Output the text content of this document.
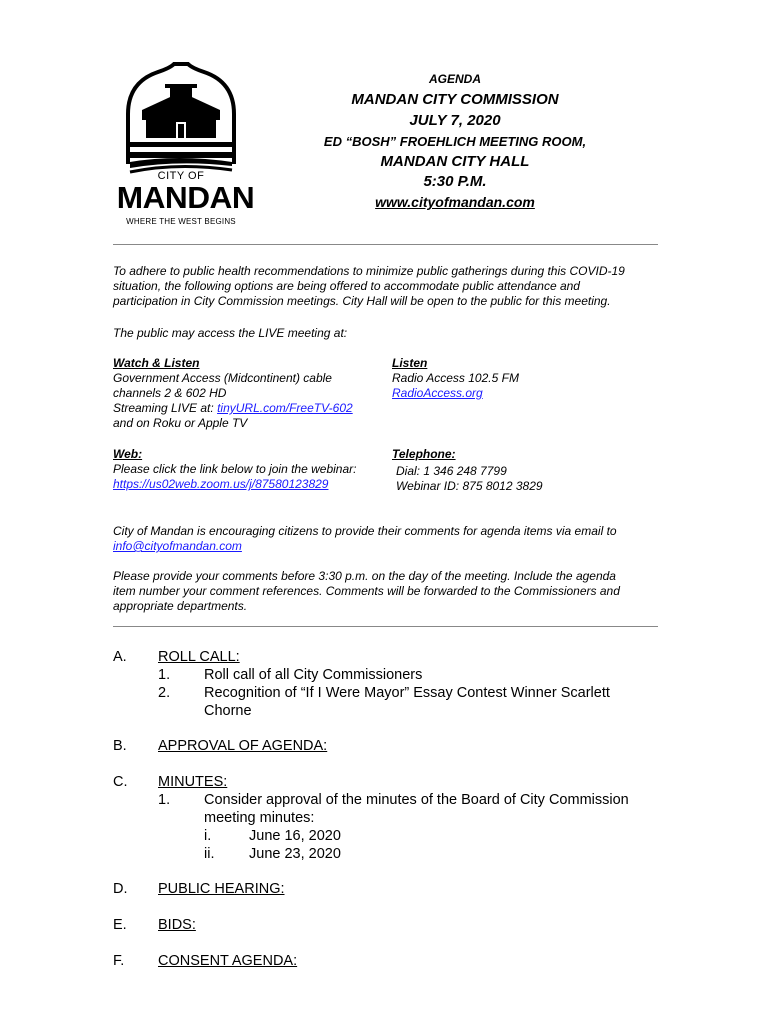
CITY OF
MANDAN
WHERE THE WEST BEGINS
AGENDA
MANDAN CITY COMMISSION
JULY 7, 2020
ED “BOSH” FROEHLICH MEETING ROOM,
MANDAN CITY HALL
5:30 P.M.
www.cityofmandan.com
To adhere to public health recommendations to minimize public gatherings during this COVID-19
situation, the following options are being offered to accommodate public attendance and
participation in City Commission meetings. City Hall will be open to the public for this meeting.
The public may access the LIVE meeting at:
Watch & Listen
Government Access (Midcontinent) cable
channels 2 & 602 HD
Streaming LIVE at: tinyURL.com/FreeTV-602
and on Roku or Apple TV
Listen
Radio Access 102.5 FM
RadioAccess.org
Web:
Please click the link below to join the webinar:
https://us02web.zoom.us/j/87580123829
Telephone:
Dial: 1 346 248 7799
Webinar ID: 875 8012 3829
City of Mandan is encouraging citizens to provide their comments for agenda items via email to
info@cityofmandan.com
Please provide your comments before 3:30 p.m. on the day of the meeting. Include the agenda
item number your comment references. Comments will be forwarded to the Commissioners and
appropriate departments.
A. ROLL CALL:
1. Roll call of all City Commissioners
2. Recognition of “If I Were Mayor” Essay Contest Winner Scarlett
Chorne
B. APPROVAL OF AGENDA:
C. MINUTES:
1. Consider approval of the minutes of the Board of City Commission
meeting minutes:
i.	June 16, 2020
ii. June 23, 2020
D. PUBLIC HEARING:
E. BIDS:
F. CONSENT AGENDA:
